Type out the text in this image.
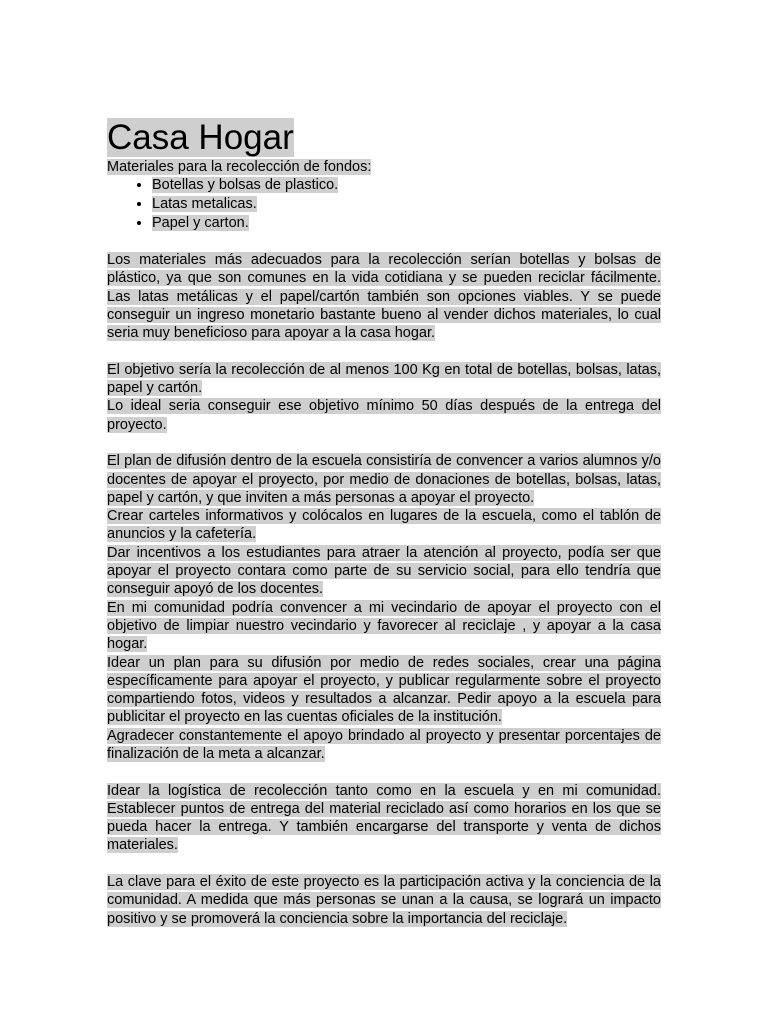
Casa Hogar

Materiales para la recolección de fondos:

• Botellas y bolsas de plastico.
• Latas metalicas.
• Papel y carton.

Los materiales más adecuados para la recolección serían botellas y bolsas de plástico, ya que son comunes en la vida cotidiana y se pueden reciclar fácilmente. Las latas metálicas y el papel/cartón también son opciones viables. Y se puede conseguir un ingreso monetario bastante bueno al vender dichos materiales, lo cual seria muy beneficioso para apoyar a la casa hogar.

El objetivo sería la recolección de al menos 100 Kg en total de botellas, bolsas, latas, papel y cartón.

Lo ideal seria conseguir ese objetivo mínimo 50 días después de la entrega del proyecto.

El plan de difusión dentro de la escuela consistiría de convencer a varios alumnos y/o docentes de apoyar el proyecto, por medio de donaciones de botellas, bolsas, latas, papel y cartón, y que inviten a más personas a apoyar el proyecto.

Crear carteles informativos y colócalos en lugares de la escuela, como el tablón de anuncios y la cafetería.

Dar incentivos a los estudiantes para atraer la atención al proyecto, podía ser que apoyar el proyecto contara como parte de su servicio social, para ello tendría que conseguir apoyó de los docentes.

En mi comunidad podría convencer a mi vecindario de apoyar el proyecto con el objetivo de limpiar nuestro vecindario y favorecer al reciclaje , y apoyar a la casa hogar.

Idear un plan para su difusión por medio de redes sociales, crear una página específicamente para apoyar el proyecto, y publicar regularmente sobre el proyecto compartiendo fotos, videos y resultados a alcanzar. Pedir apoyo a la escuela para publicitar el proyecto en las cuentas oficiales de la institución.

Agradecer constantemente el apoyo brindado al proyecto y presentar porcentajes de finalización de la meta a alcanzar.

Idear la logística de recolección tanto como en la escuela y en mi comunidad. Establecer puntos de entrega del material reciclado así como horarios en los que se pueda hacer la entrega. Y también encargarse del transporte y venta de dichos materiales.

La clave para el éxito de este proyecto es la participación activa y la conciencia de la comunidad. A medida que más personas se unan a la causa, se logrará un impacto positivo y se promoverá la conciencia sobre la importancia del reciclaje.
